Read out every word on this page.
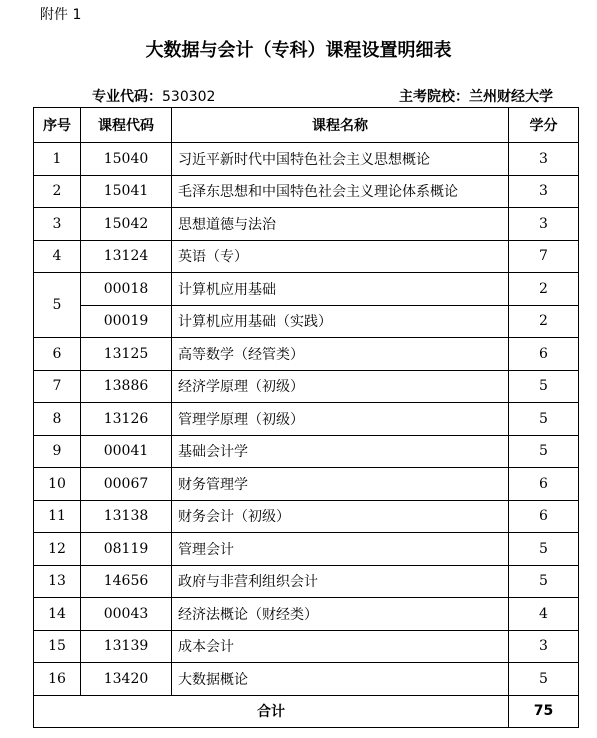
附件 1
大数据与会计（专科）课程设置明细表
专业代码：530302	主考院校：兰州财经大学
序号	课程代码	课程名称	学分
1	15040	习近平新时代中国特色社会主义思想概论	3
2	15041	毛泽东思想和中国特色社会主义理论体系概论	3
3	15042	思想道德与法治	3
4	13124	英语（专）	7
5	00018	计算机应用基础	2
	00019	计算机应用基础（实践）	2
6	13125	高等数学（经管类）	6
7	13886	经济学原理（初级）	5
8	13126	管理学原理（初级）	5
9	00041	基础会计学	5
10	00067	财务管理学	6
11	13138	财务会计（初级）	6
12	08119	管理会计	5
13	14656	政府与非营利组织会计	5
14	00043	经济法概论（财经类）	4
15	13139	成本会计	3
16	13420	大数据概论	5
合计			75
